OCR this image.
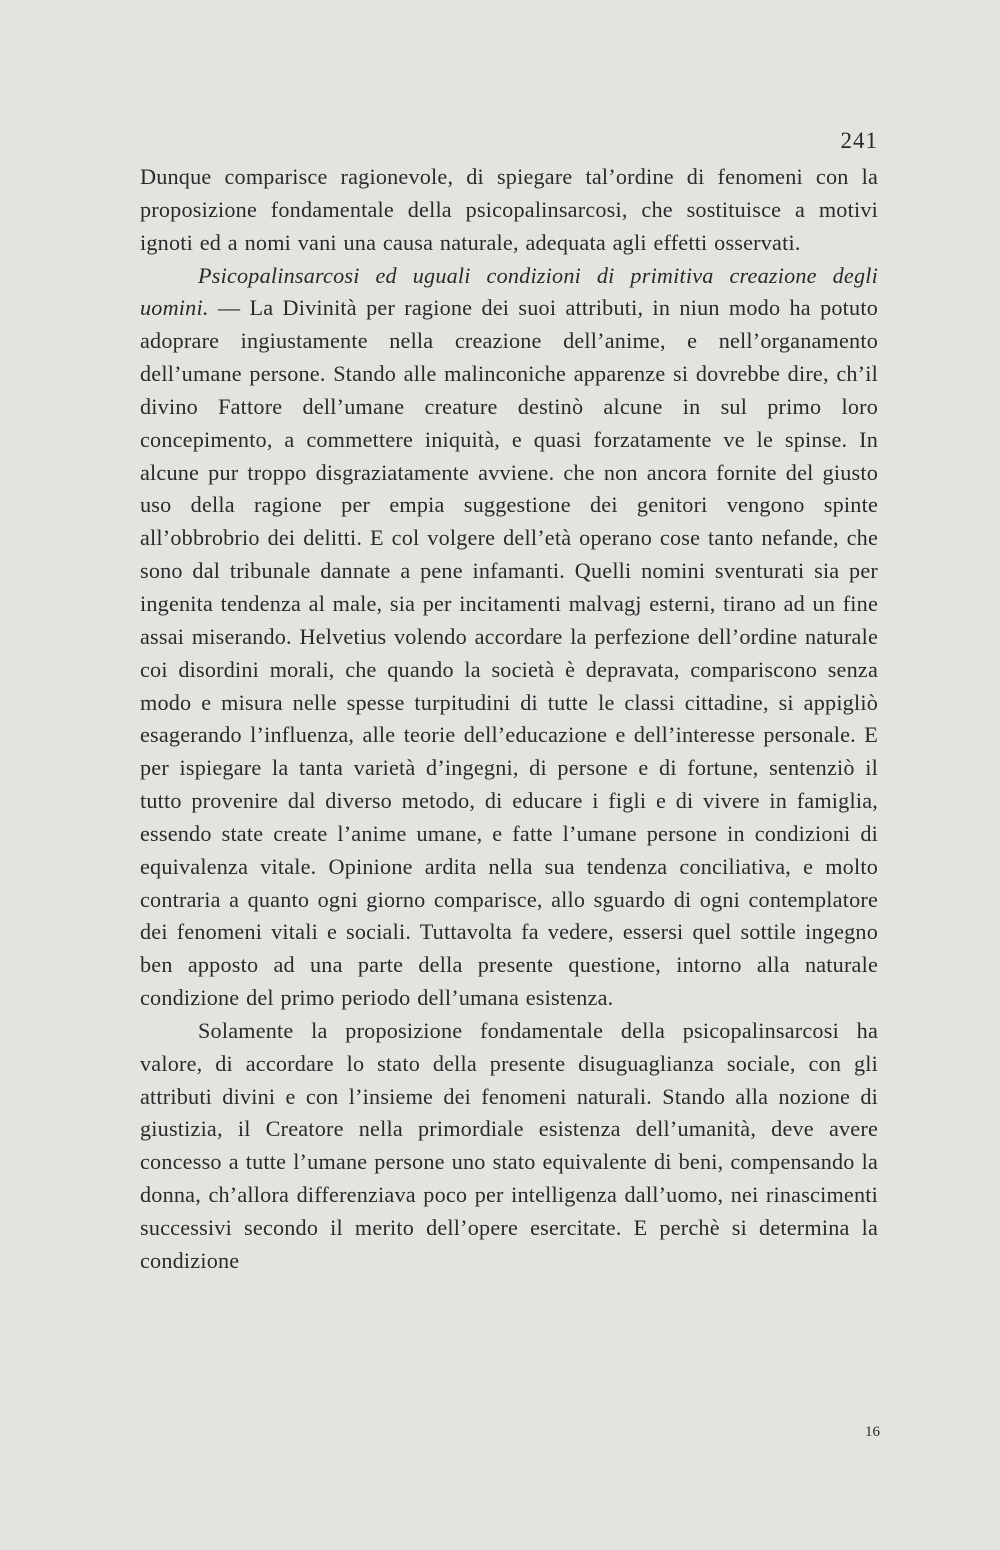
241

Dunque comparisce ragionevole, di spiegare tal’ordine di fenomeni con la proposizione fondamentale della psicopalinsarcosi, che sostituisce a motivi ignoti ed a nomi vani una causa naturale, adequata agli effetti osservati.

Psicopalinsarcosi ed uguali condizioni di primitiva creazione degli uomini. — La Divinità per ragione dei suoi attributi, in niun modo ha potuto adoprare ingiustamente nella creazione dell’anime, e nell’organamento dell’umane persone. Stando alle malinconiche apparenze si dovrebbe dire, ch’il divino Fattore dell’umane creature destinò alcune in sul primo loro concepimento, a commettere iniquità, e quasi forzatamente ve le spinse. In alcune pur troppo disgraziatamente avviene. che non ancora fornite del giusto uso della ragione per empia suggestione dei genitori vengono spinte all’obbrobrio dei delitti. E col volgere dell’età operano cose tanto nefande, che sono dal tribunale dannate a pene infamanti. Quelli nomini sventurati sia per ingenita tendenza al male, sia per incitamenti malvagj esterni, tirano ad un fine assai miserando. Helvetius volendo accordare la perfezione dell’ordine naturale coi disordini morali, che quando la società è depravata, compariscono senza modo e misura nelle spesse turpitudini di tutte le classi cittadine, si appigliò esagerando l’influenza, alle teorie dell’educazione e dell’interesse personale. E per ispiegare la tanta varietà d’ingegni, di persone e di fortune, sentenziò il tutto provenire dal diverso metodo, di educare i figli e di vivere in famiglia, essendo state create l’anime umane, e fatte l’umane persone in condizioni di equivalenza vitale. Opinione ardita nella sua tendenza conciliativa, e molto contraria a quanto ogni giorno comparisce, allo sguardo di ogni contemplatore dei fenomeni vitali e sociali. Tuttavolta fa vedere, essersi quel sottile ingegno ben apposto ad una parte della presente questione, intorno alla naturale condizione del primo periodo dell’umana esistenza.

Solamente la proposizione fondamentale della psicopalinsarcosi ha valore, di accordare lo stato della presente disuguaglianza sociale, con gli attributi divini e con l’insieme dei fenomeni naturali. Stando alla nozione di giustizia, il Creatore nella primordiale esistenza dell’umanità, deve avere concesso a tutte l’umane persone uno stato equivalente di beni, compensando la donna, ch’allora differenziava poco per intelligenza dall’uomo, nei rinascimenti successivi secondo il merito dell’opere esercitate. E perchè si determina la condizione

16
